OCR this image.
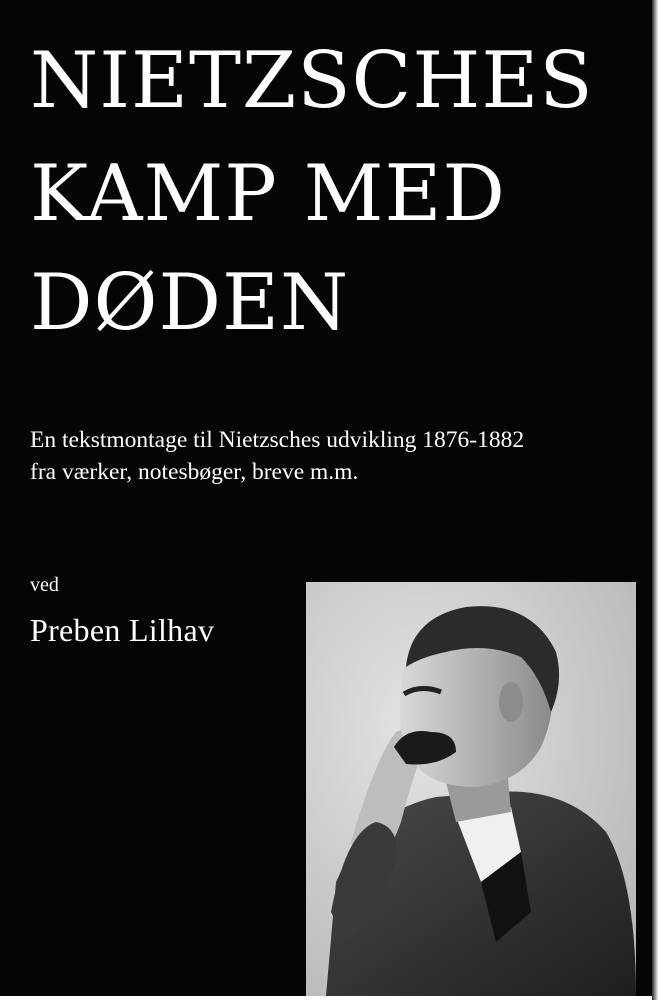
NIETZSCHES
KAMP MED
DØDEN

En tekstmontage til Nietzsches udvikling 1876-1882

fra værker, notesbøger, breve m.m.

ved
Preben Lilhav
